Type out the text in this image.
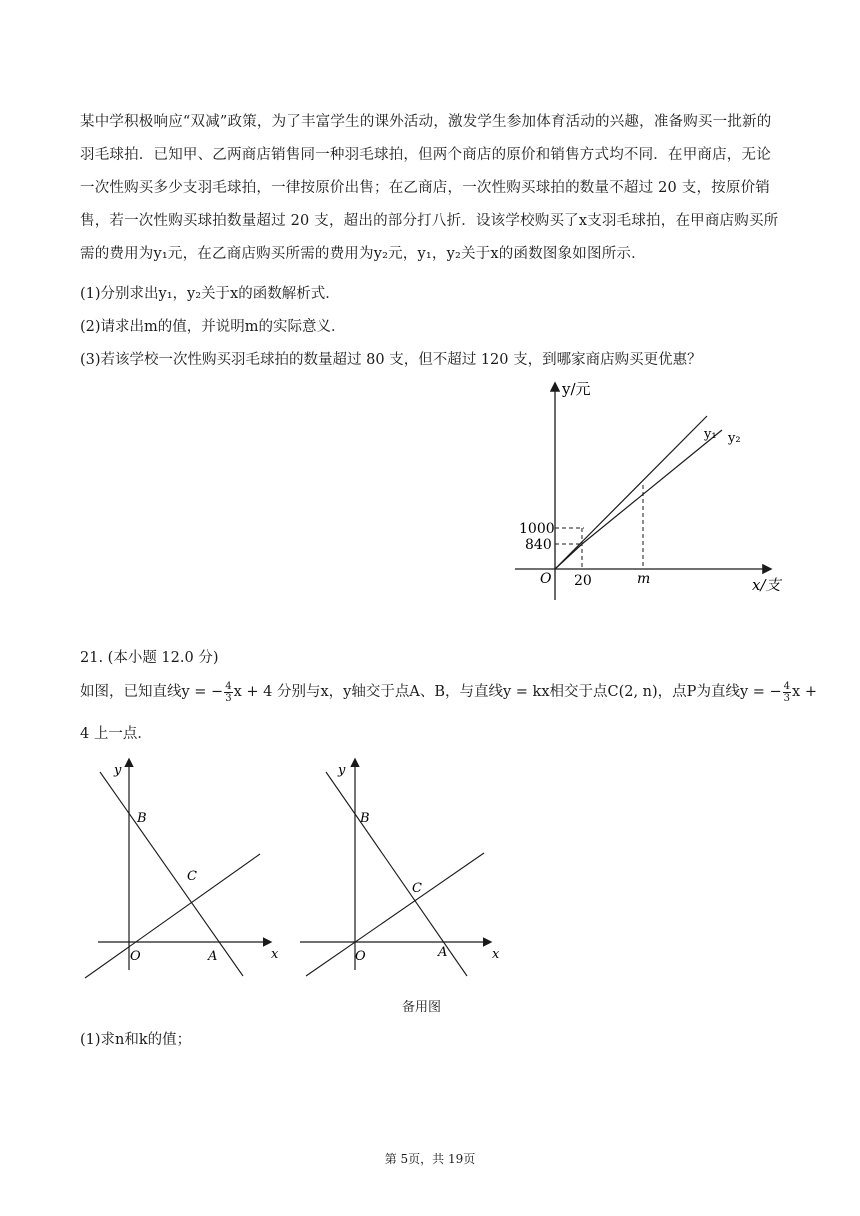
某中学积极响应“双减”政策，为了丰富学生的课外活动，激发学生参加体育活动的兴趣，准备购买一批新的羽毛球拍．已知甲、乙两商店销售同一种羽毛球拍，但两个商店的原价和销售方式均不同．在甲商店，无论一次性购买多少支羽毛球拍，一律按原价出售；在乙商店，一次性购买球拍的数量不超过 20 支，按原价销售，若一次性购买球拍数量超过 20 支，超出的部分打八折．设该学校购买了x支羽毛球拍，在甲商店购买所需的费用为y₁元，在乙商店购买所需的费用为y₂元，y₁，y₂关于x的函数图象如图所示．
(1)分别求出y₁，y₂关于x的函数解析式．
(2)请求出m的值，并说明m的实际意义．
(3)若该学校一次性购买羽毛球拍的数量超过 80 支，但不超过 120 支，到哪家商店购买更优惠？
y/元
x/支
O
y₁ y₂
1000
840
20	m
21. (本小题 12.0 分)
如图，已知直线y = − $\frac{4}{3}$ x + 4 分别与x，y轴交于点A、B，与直线y = kx相交于点C(2, n)，点P为直线y = − $\frac{4}{3}$ x +
4 上一点．
y
x
O	A
B
C
y
x
O	A
B
C
备用图
(1)求n和k的值；
第 5页，共 19页
